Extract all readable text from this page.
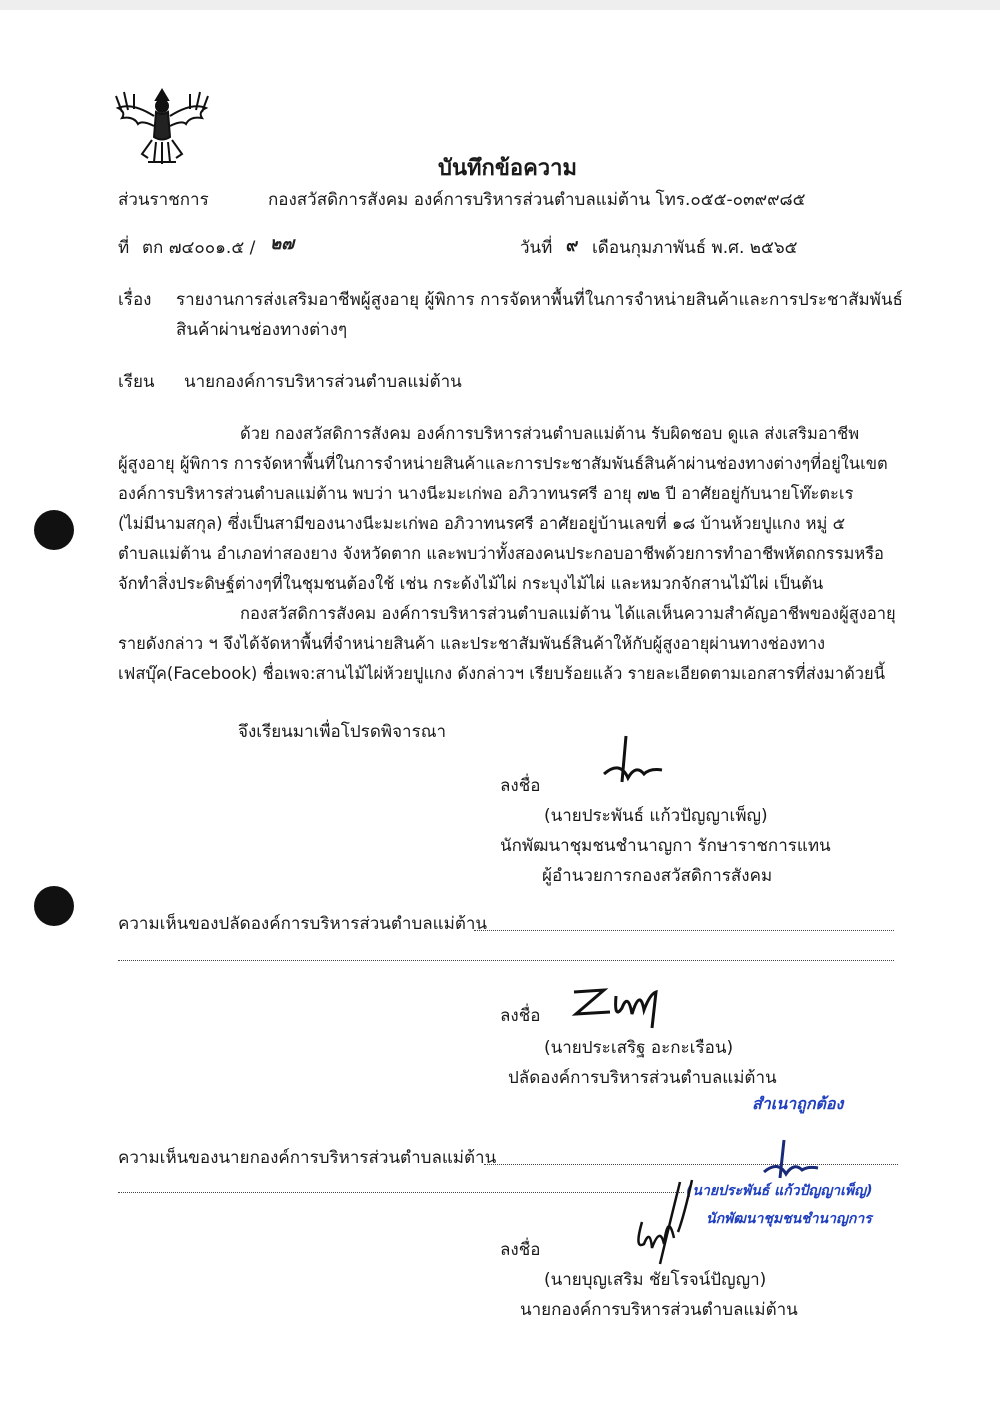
บันทึกข้อความ
ส่วนราชการ	กองสวัสดิการสังคม องค์การบริหารส่วนตำบลแม่ต้าน โทร.๐๕๕-๐๓๙๙๘๕
ที่ ตก ๗๔๐๐๑.๕ / ๒๗	วันที่ ๙ เดือนกุมภาพันธ์ พ.ศ. ๒๕๖๕
เรื่อง รายงานการส่งเสริมอาชีพผู้สูงอายุ ผู้พิการ การจัดหาพื้นที่ในการจำหน่ายสินค้าและการประชาสัมพันธ์
สินค้าผ่านช่องทางต่างๆ
เรียน นายกองค์การบริหารส่วนตำบลแม่ต้าน
ด้วย กองสวัสดิการสังคม องค์การบริหารส่วนตำบลแม่ต้าน รับผิดชอบ ดูแล ส่งเสริมอาชีพ
ผู้สูงอายุ ผู้พิการ การจัดหาพื้นที่ในการจำหน่ายสินค้าและการประชาสัมพันธ์สินค้าผ่านช่องทางต่างๆที่อยู่ในเขต
องค์การบริหารส่วนตำบลแม่ต้าน พบว่า นางนีะมะเก่พอ อภิวาทนรศรี อายุ ๗๒ ปี อาศัยอยู่กับนายโท๊ะตะเร
(ไม่มีนามสกุล) ซึ่งเป็นสามีของนางนีะมะเก่พอ อภิวาทนรศรี อาศัยอยู่บ้านเลขที่ ๑๘ บ้านห้วยปูแกง หมู่ ๕
ตำบลแม่ต้าน อำเภอท่าสองยาง จังหวัดตาก และพบว่าทั้งสองคนประกอบอาชีพด้วยการทำอาชีพหัตถกรรมหรือ
จักทำสิ่งประดิษฐ์ต่างๆที่ในชุมชนต้องใช้ เช่น กระด้งไม้ไผ่ กระบุงไม้ไผ่ และหมวกจักสานไม้ไผ่ เป็นต้น
กองสวัสดิการสังคม องค์การบริหารส่วนตำบลแม่ต้าน ได้แลเห็นความสำคัญอาชีพของผู้สูงอายุ
รายดังกล่าว ฯ จึงได้จัดหาพื้นที่จำหน่ายสินค้า และประชาสัมพันธ์สินค้าให้กับผู้สูงอายุผ่านทางช่องทาง
เฟสบุ๊ค(Facebook) ชื่อเพจ:สานไม้ไผ่ห้วยปูแกง ดังกล่าวฯ เรียบร้อยแล้ว รายละเอียดตามเอกสารที่ส่งมาด้วยนี้
จึงเรียนมาเพื่อโปรดพิจารณา
ลงชื่อ
(นายประพันธ์ แก้วปัญญาเพ็ญ)
นักพัฒนาชุมชนชำนาญกา รักษาราชการแทน
ผู้อำนวยการกองสวัสดิการสังคม
ความเห็นของปลัดองค์การบริหารส่วนตำบลแม่ต้าน
ลงชื่อ
(นายประเสริฐ อะกะเรือน)
ปลัดองค์การบริหารส่วนตำบลแม่ต้าน
สำเนาถูกต้อง
ความเห็นของนายกองค์การบริหารส่วนตำบลแม่ต้าน
(นายประพันธ์ แก้วปัญญาเพ็ญ)
นักพัฒนาชุมชนชำนาญการ
ลงชื่อ
(นายบุญเสริม ชัยโรจน์ปัญญา)
นายกองค์การบริหารส่วนตำบลแม่ต้าน
